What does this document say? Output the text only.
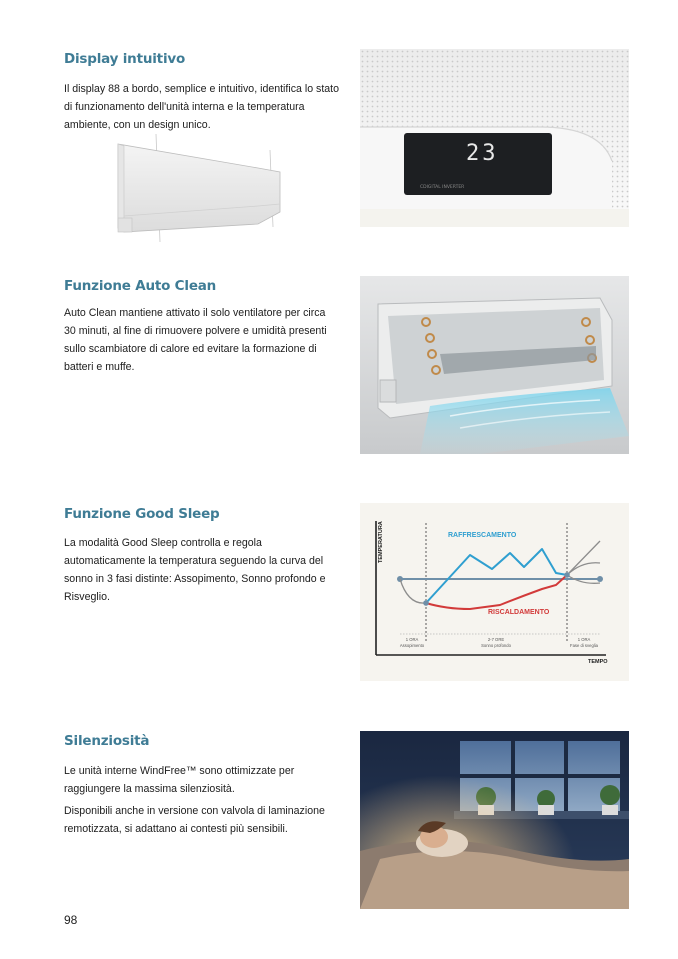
Display intuitivo

Il display 88 a bordo, semplice e intuitivo, identifica lo stato di funzionamento dell'unità interna e la temperatura ambiente, con un design unico.

CDIGITAL INVERTER
23
Funzione Auto Clean

Auto Clean mantiene attivato il solo ventilatore per circa 30 minuti, al fine di rimuovere polvere e umidità presenti sullo scambiatore di calore ed evitare la formazione di batteri e muffe.

Funzione Good Sleep

La modalità Good Sleep controlla e regola automaticamente la temperatura seguendo la curva del sonno in 3 fasi distinte: Assopimento, Sonno profondo e Risveglio.

TEMPERATURA
TEMPO
RAFFRESCAMENTO
RISCALDAMENTO
1 ORA
Assopimento
2-7 ORE
Sonno profondo
1 ORA
Fase di sveglia
Silenziosità

Le unità interne WindFree™ sono ottimizzate per raggiungere la massima silenziosità.

Disponibili anche in versione con valvola di laminazione remotizzata, si adattano ai contesti più sensibili.

98
